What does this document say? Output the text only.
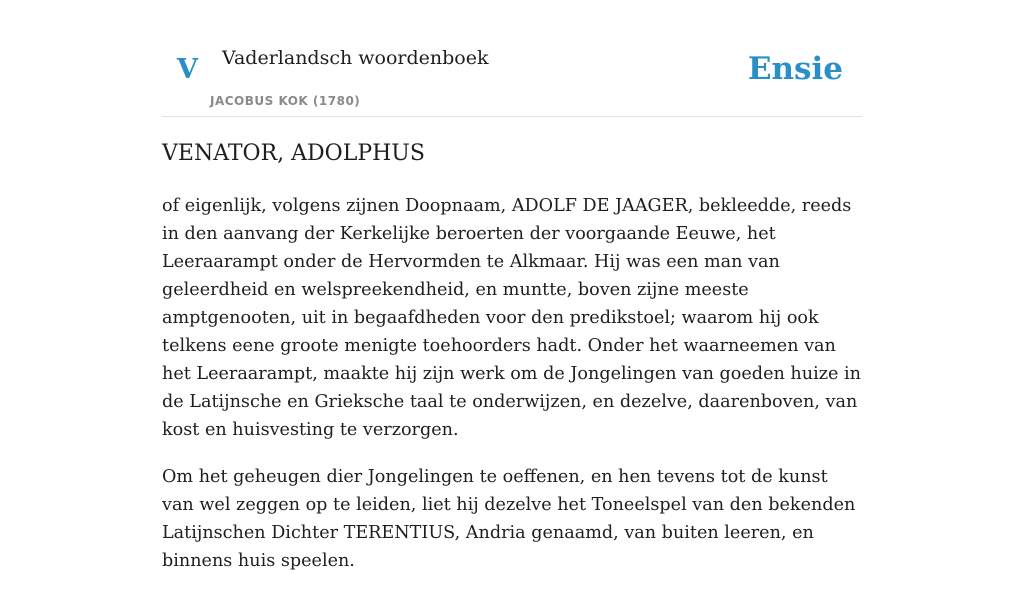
V Vaderlandsch woordenboek
JACOBUS KOK (1780)
Ensie
VENATOR, ADOLPHUS

of eigenlijk, volgens zijnen Doopnaam, ADOLF DE JAAGER, bekleedde, reeds in den aanvang der Kerkelijke beroerten der voorgaande Eeuwe, het Leeraarampt onder de Hervormden te Alkmaar. Hij was een man van geleerdheid en welspreekendheid, en muntte, boven zijne meeste amptgenooten, uit in begaafdheden voor den predikstoel; waarom hij ook telkens eene groote menigte toehoorders hadt. Onder het waarneemen van het Leeraarampt, maakte hij zijn werk om de Jongelingen van goeden huize in de Latijnsche en Grieksche taal te onderwijzen, en dezelve, daarenboven, van kost en huisvesting te verzorgen.

Om het geheugen dier Jongelingen te oeffenen, en hen tevens tot de kunst van wel zeggen op te leiden, liet hij dezelve het Toneelspel van den bekenden Latijnschen Dichter TERENTIUS, Andria genaamd, van buiten leeren, en binnens huis speelen.
